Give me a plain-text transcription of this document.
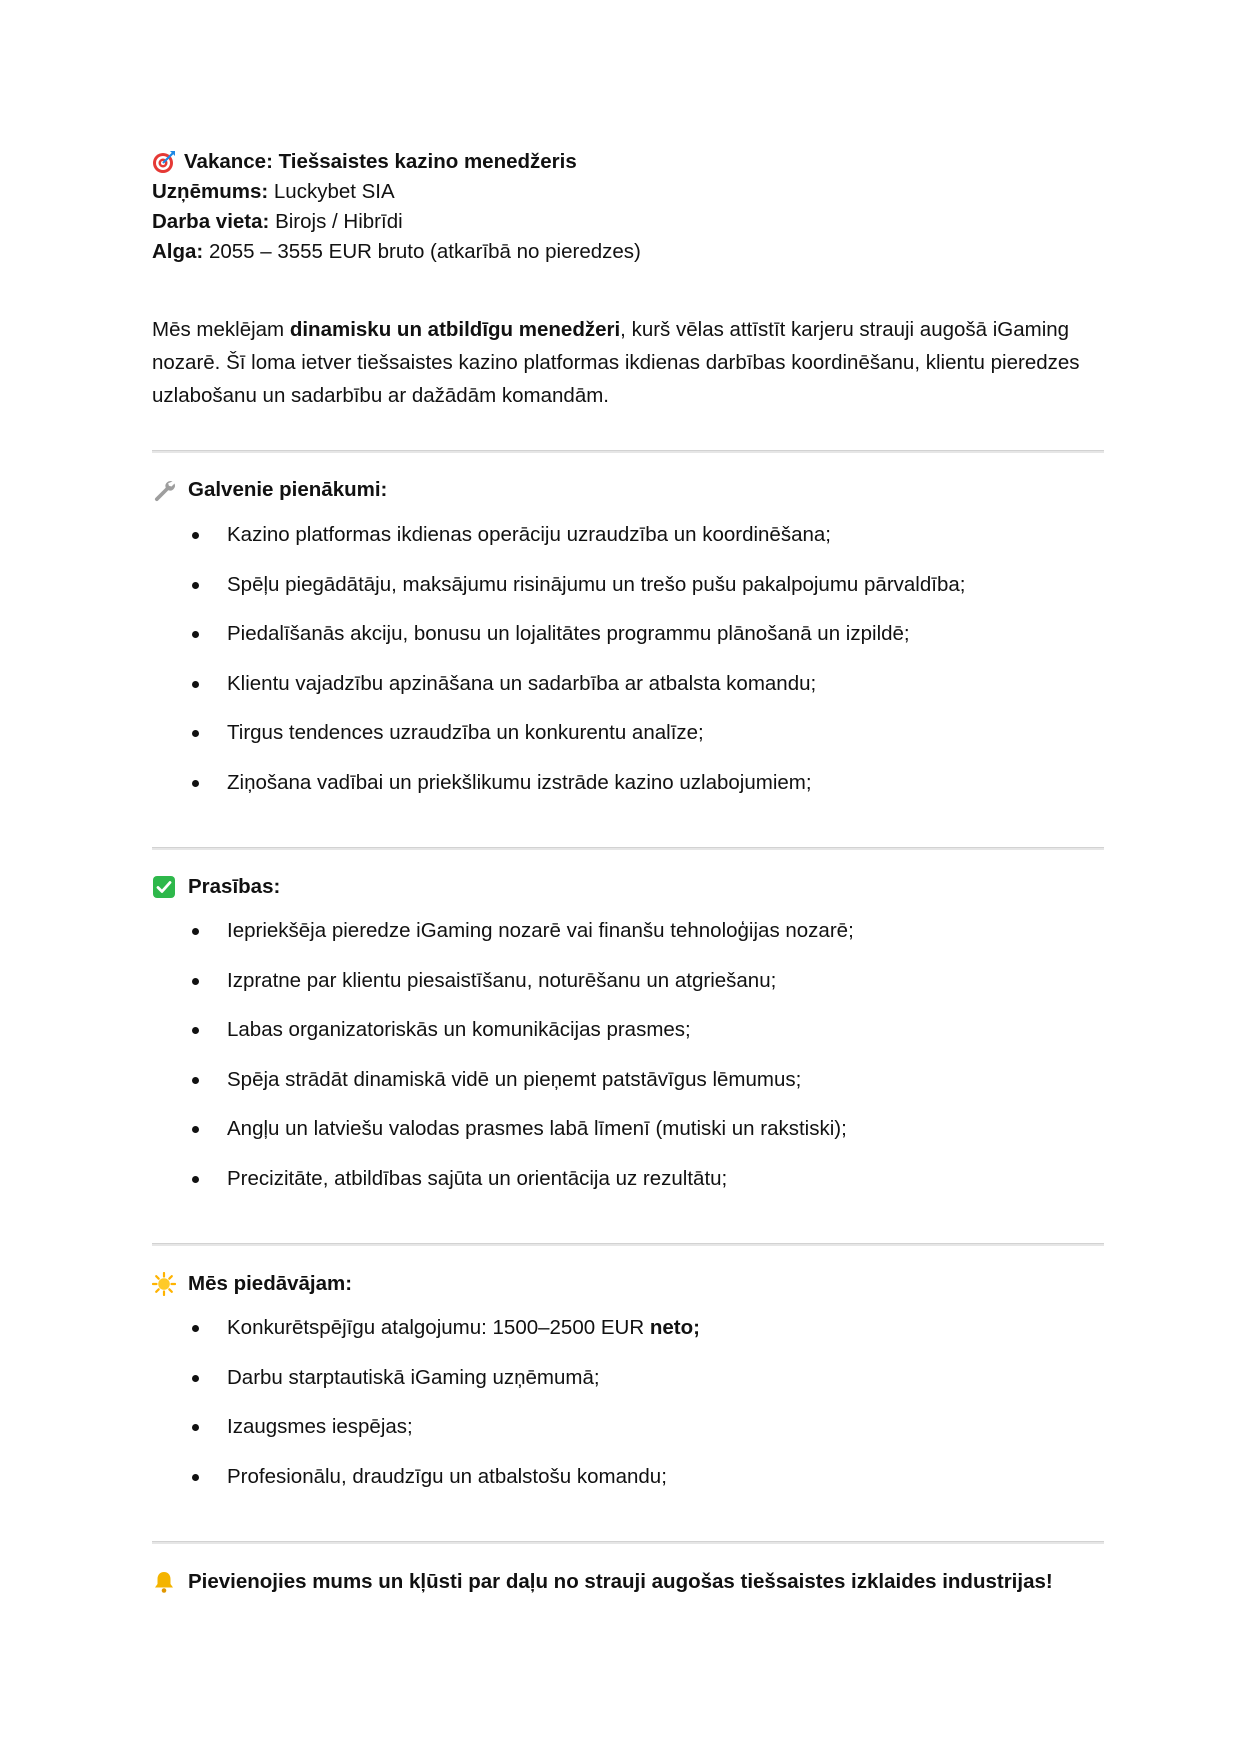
Vakance: Tiešsaistes kazino menedžeris
Uzņēmums: Luckybet SIA
Darba vieta: Birojs / Hibrīdi
Alga: 2055 – 3555 EUR bruto (atkarībā no pieredzes)
Mēs meklējam dinamisku un atbildīgu menedžeri, kurš vēlas attīstīt karjeru strauji augošā iGaming nozarē. Šī loma ietver tiešsaistes kazino platformas ikdienas darbības koordinēšanu, klientu pieredzes uzlabošanu un sadarbību ar dažādām komandām.
Galvenie pienākumi:
Kazino platformas ikdienas operāciju uzraudzība un koordinēšana;
Spēļu piegādātāju, maksājumu risinājumu un trešo pušu pakalpojumu pārvaldība;
Piedalīšanās akciju, bonusu un lojalitātes programmu plānošanā un izpildē;
Klientu vajadzību apzināšana un sadarbība ar atbalsta komandu;
Tirgus tendences uzraudzība un konkurentu analīze;
Ziņošana vadībai un priekšlikumu izstrāde kazino uzlabojumiem;
Prasības:
Iepriekšēja pieredze iGaming nozarē vai finanšu tehnoloģijas nozarē;
Izpratne par klientu piesaistīšanu, noturēšanu un atgriešanu;
Labas organizatoriskās un komunikācijas prasmes;
Spēja strādāt dinamiskā vidē un pieņemt patstāvīgus lēmumus;
Angļu un latviešu valodas prasmes labā līmenī (mutiski un rakstiski);
Precizitāte, atbildības sajūta un orientācija uz rezultātu;
Mēs piedāvājam:
Konkurētspējīgu atalgojumu: 1500–2500 EUR neto;
Darbu starptautiskā iGaming uzņēmumā;
Izaugsmes iespējas;
Profesionālu, draudzīgu un atbalstošu komandu;
Pievienojies mums un kļūsti par daļu no strauji augošas tiešsaistes izklaides industrijas!
